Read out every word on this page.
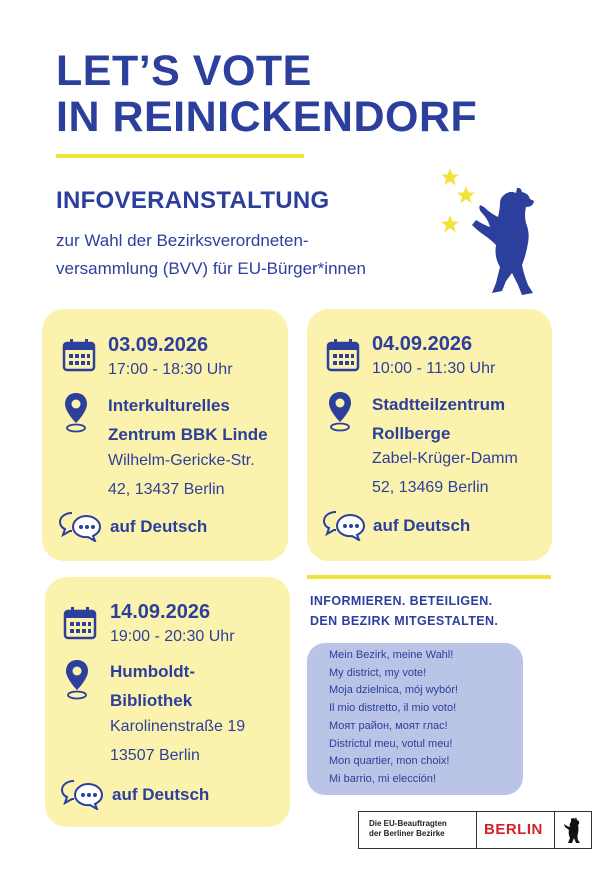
LET’S VOTE
IN REINICKENDORF
INFOVERANSTALTUNG
zur Wahl der Bezirksverordneten-
versammlung (BVV) für EU-Bürger*innen
03.09.2026
17:00 - 18:30 Uhr
Interkulturelles
Zentrum BBK Linde
Wilhelm-Gericke-Str.
42, 13437 Berlin
auf Deutsch
04.09.2026
10:00 - 11:30 Uhr
Stadtteilzentrum
Rollberge
Zabel-Krüger-Damm
52, 13469 Berlin
auf Deutsch
14.09.2026
19:00 - 20:30 Uhr
Humboldt-
Bibliothek
Karolinenstraße 19
13507 Berlin
auf Deutsch
INFORMIEREN. BETEILIGEN.
DEN BEZIRK MITGESTALTEN.
Mein Bezirk, meine Wahl!
My district, my vote!
Moja dzielnica, mój wybór!
Il mio distretto, il mio voto!
Моят район, моят глас!
Districtul meu, votul meu!
Mon quartier, mon choix!
Mi barrio, mi elección!
Die EU-Beauftragten
der Berliner Bezirke	BERLIN
